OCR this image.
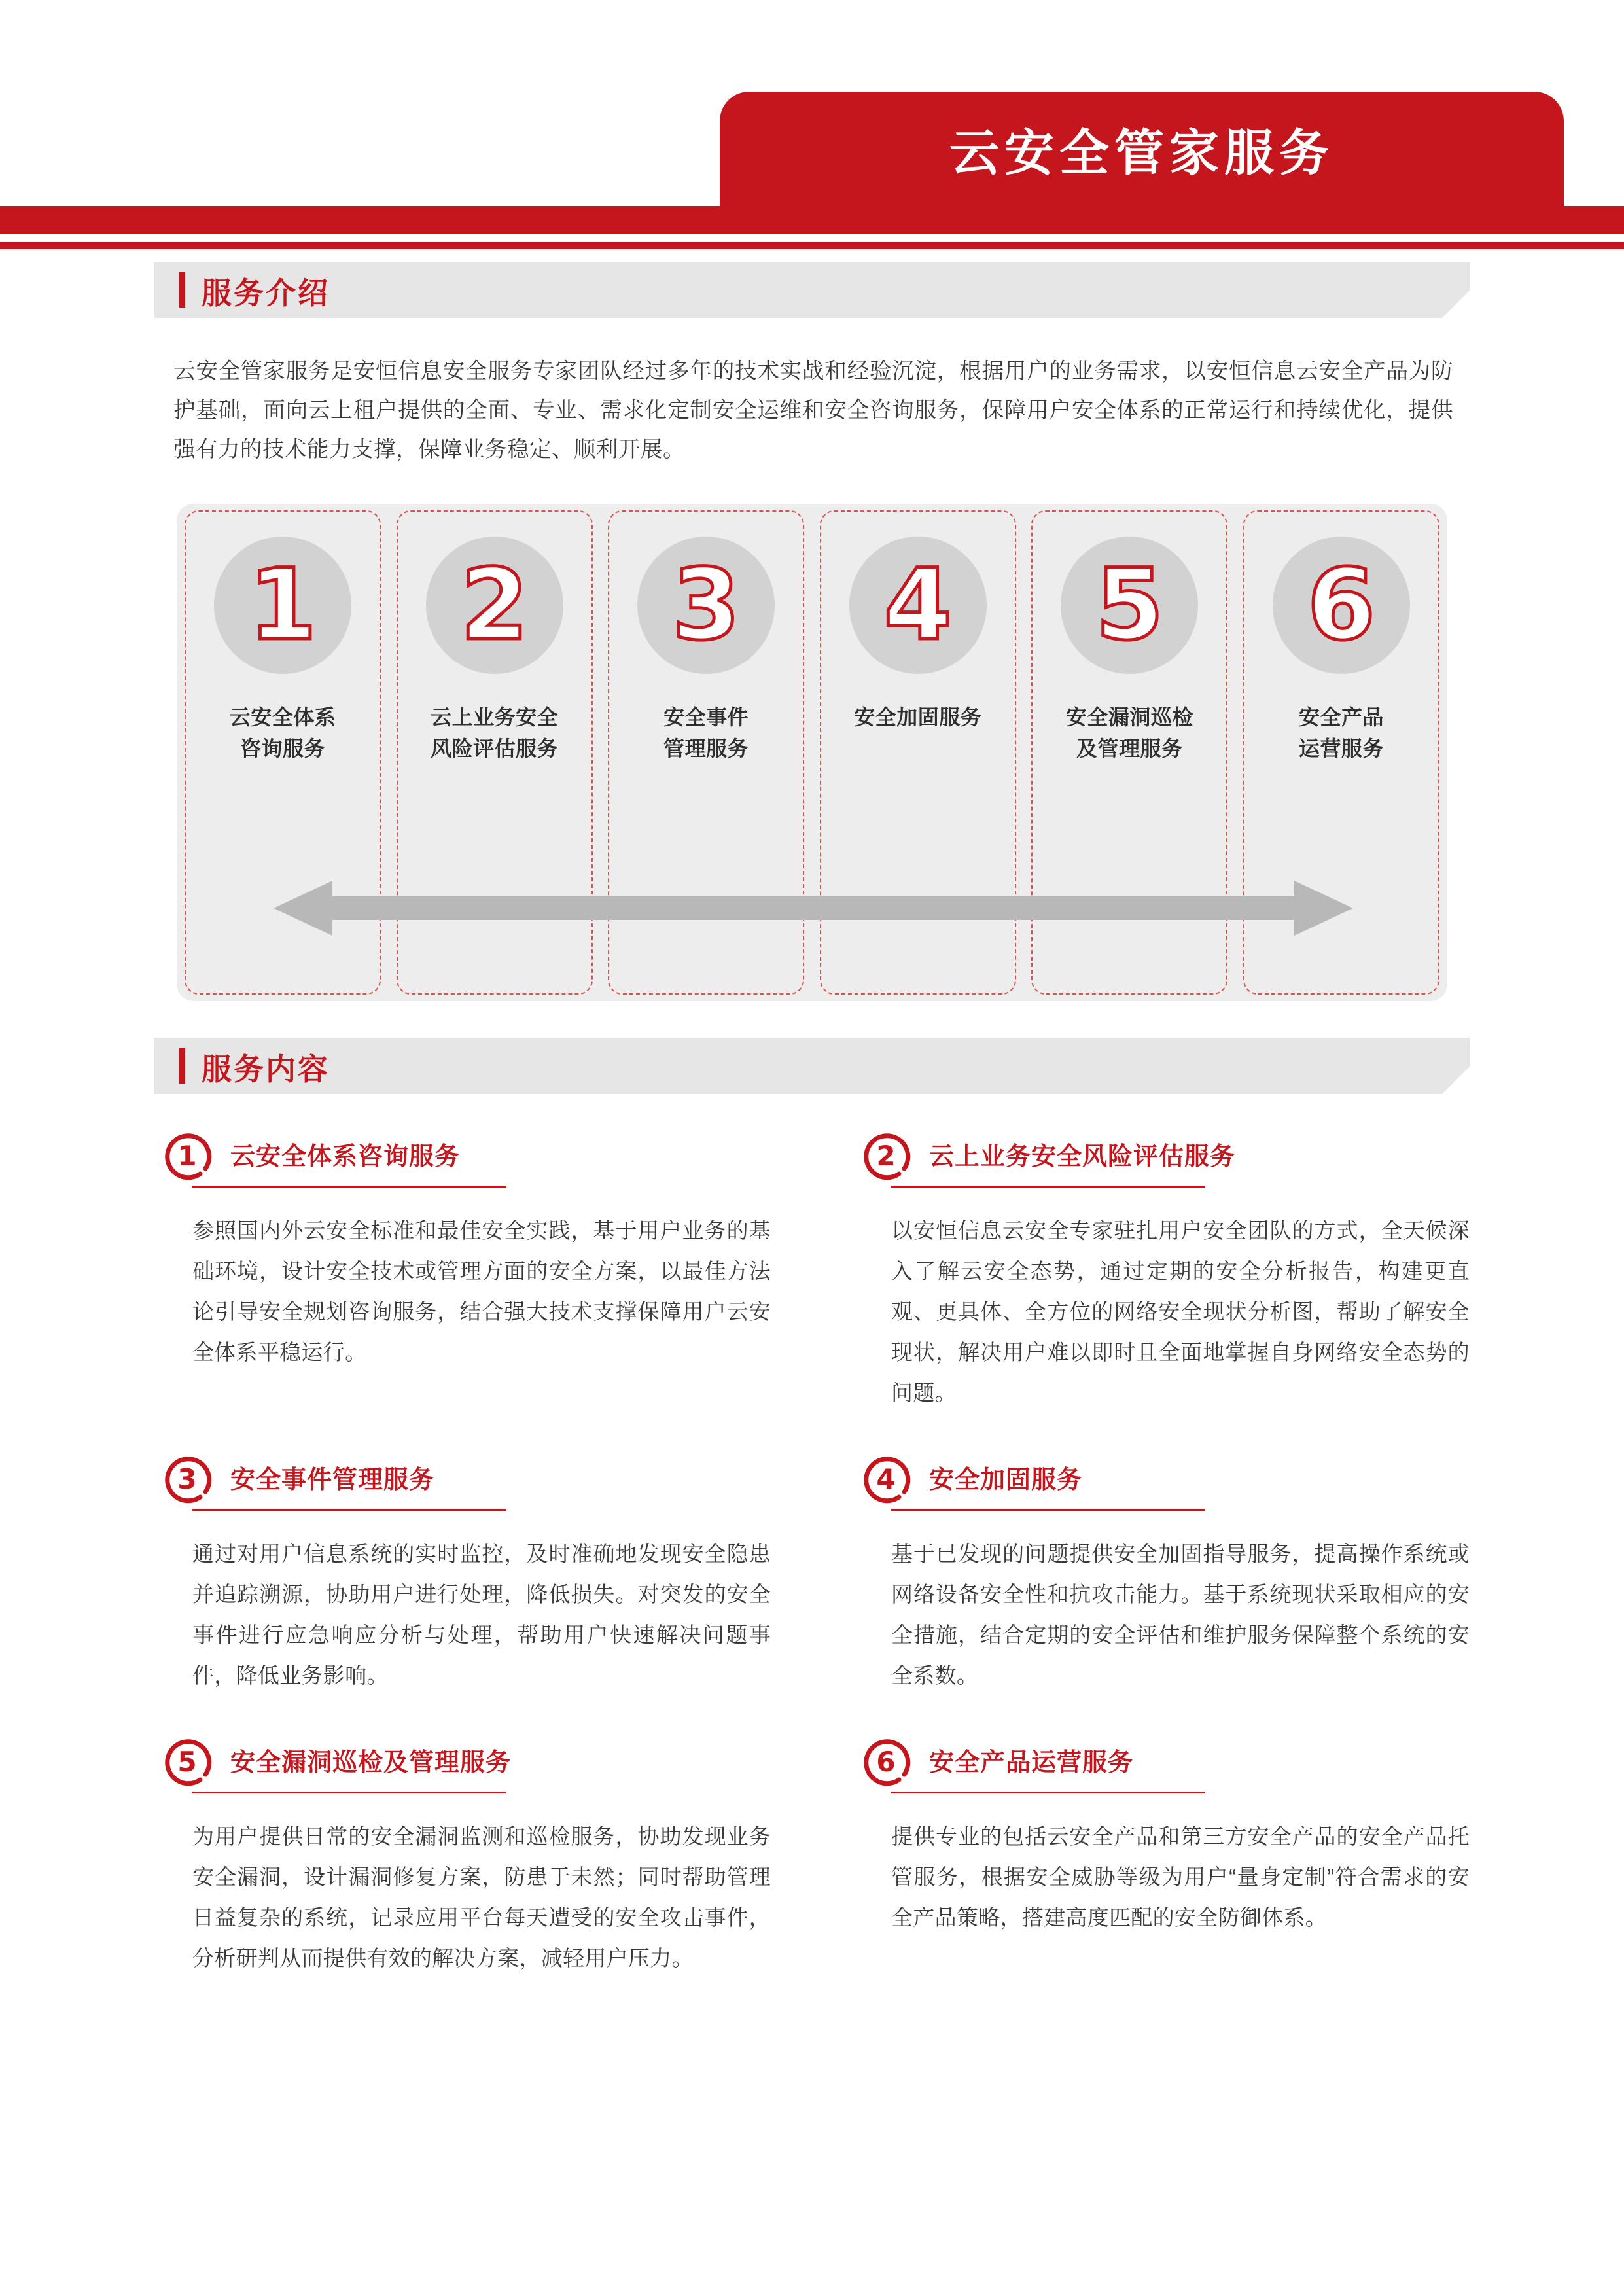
云安全管家服务
服务介绍
云安全管家服务是安恒信息安全服务专家团队经过多年的技术实战和经验沉淀，根据用户的业务需求，以安恒信息云安全产品为防护基础，面向云上租户提供的全面、专业、需求化定制安全运维和安全咨询服务，保障用户安全体系的正常运行和持续优化，提供强有力的技术能力支撑，保障业务稳定、顺利开展。
1
云安全体系
咨询服务
2
云上业务安全
风险评估服务
3
安全事件
管理服务
4
安全加固服务
5
安全漏洞巡检
及管理服务
6
安全产品
运营服务
服务内容
1	云安全体系咨询服务
参照国内外云安全标准和最佳安全实践，基于用户业务的基础环境，设计安全技术或管理方面的安全方案，以最佳方法论引导安全规划咨询服务，结合强大技术支撑保障用户云安全体系平稳运行。
2	云上业务安全风险评估服务
以安恒信息云安全专家驻扎用户安全团队的方式，全天候深入了解云安全态势，通过定期的安全分析报告，构建更直观、更具体、全方位的网络安全现状分析图，帮助了解安全现状，解决用户难以即时且全面地掌握自身网络安全态势的问题。
3	安全事件管理服务
通过对用户信息系统的实时监控，及时准确地发现安全隐患并追踪溯源，协助用户进行处理，降低损失。对突发的安全事件进行应急响应分析与处理，帮助用户快速解决问题事件，降低业务影响。
4	安全加固服务
基于已发现的问题提供安全加固指导服务，提高操作系统或网络设备安全性和抗攻击能力。基于系统现状采取相应的安全措施，结合定期的安全评估和维护服务保障整个系统的安全系数。
5	安全漏洞巡检及管理服务
为用户提供日常的安全漏洞监测和巡检服务，协助发现业务安全漏洞，设计漏洞修复方案，防患于未然；同时帮助管理日益复杂的系统，记录应用平台每天遭受的安全攻击事件，分析研判从而提供有效的解决方案，减轻用户压力。
6	安全产品运营服务
提供专业的包括云安全产品和第三方安全产品的安全产品托管服务，根据安全威胁等级为用户“量身定制”符合需求的安全产品策略，搭建高度匹配的安全防御体系。
